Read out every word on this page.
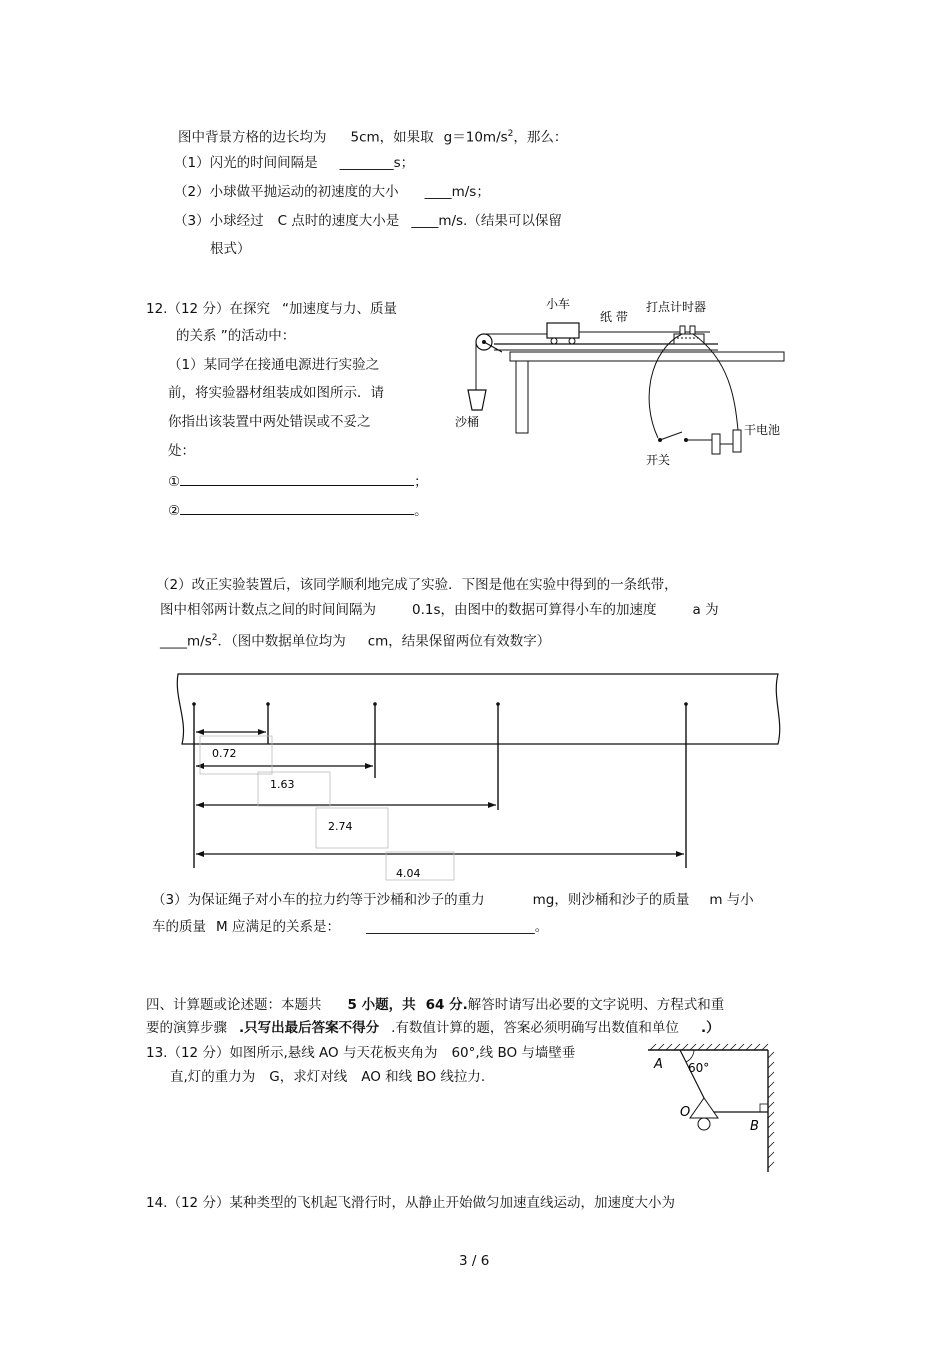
图中背景方格的边长均为 5cm，如果取 $g=10m/s^2$，那么：
（1）闪光的时间间隔是 ________s；
（2）小球做平抛运动的初速度的大小 ____m/s；
（3）小球经过 C 点时的速度大小是 ____m/s.（结果可以保留
根式）
12.（12 分）在探究 “加速度与力、质量
的关系 ”的活动中：
（1）某同学在接通电源进行实验之
前，将实验器材组装成如图所示．请
你指出该装置中两处错误或不妥之
处：
①	；
②	。
小车
纸 带
打点计时器
沙桶
干电池
开关
（2）改正实验装置后，该同学顺利地完成了实验．下图是他在实验中得到的一条纸带，
图中相邻两计数点之间的时间间隔为	0.1s，由图中的数据可算得小车的加速度	a 为
$\_\_\_\_m/s^2$．（图中数据单位均为 cm，结果保留两位有效数字）
0.72
1.63
2.74
4.04
（3）为保证绳子对小车的拉力约等于沙桶和沙子的重力	mg，则沙桶和沙子的质量 m 与小
车的质量 M 应满足的关系是： _________________________。
四、计算题或论述题：本题共 5 小题，共 64 分.解答时请写出必要的文字说明、方程式和重
要的演算步骤 .只写出最后答案不得分 .有数值计算的题，答案必须明确写出数值和单位 .）
13.（12 分）如图所示,悬线 AO 与天花板夹角为 60°,线 BO 与墙壁垂
直,灯的重力为 G，求灯对线 AO 和线 BO 线拉力.
A 60°
O
B
14.（12 分）某种类型的飞机起飞滑行时，从静止开始做匀加速直线运动，加速度大小为
3 / 6
